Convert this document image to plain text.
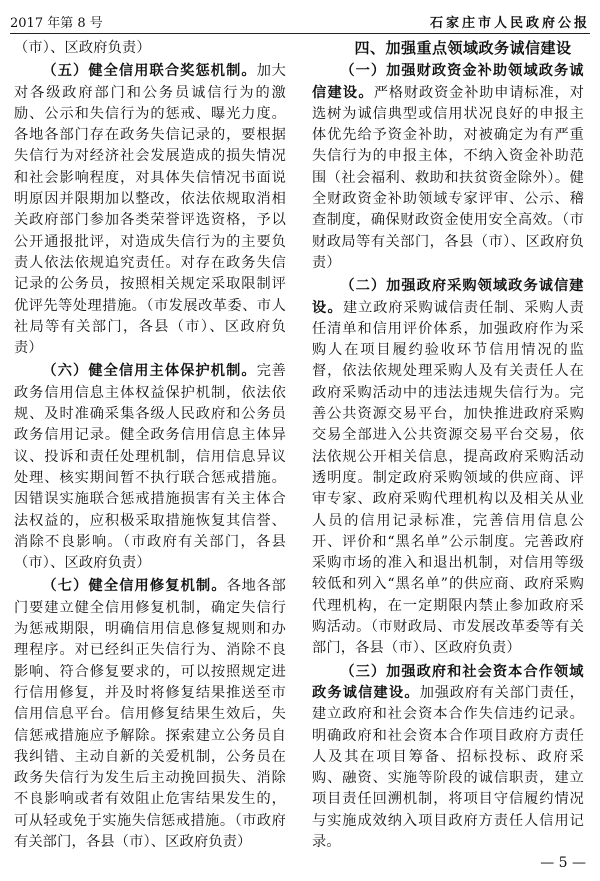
2017 年第 8 号	石家庄市人民政府公报

（市）、区政府负责）

（五）健全信用联合奖惩机制。加大对各级政府部门和公务员诚信行为的激励、公示和失信行为的惩戒、曝光力度。各地各部门存在政务失信记录的，要根据失信行为对经济社会发展造成的损失情况和社会影响程度，对具体失信情况书面说明原因并限期加以整改，依法依规取消相关政府部门参加各类荣誉评选资格，予以公开通报批评，对造成失信行为的主要负责人依法依规追究责任。对存在政务失信记录的公务员，按照相关规定采取限制评优评先等处理措施。（市发展改革委、市人社局等有关部门，各县（市）、区政府负责）

（六）健全信用主体保护机制。完善政务信用信息主体权益保护机制，依法依规、及时准确采集各级人民政府和公务员政务信用记录。健全政务信用信息主体异议、投诉和责任处理机制，信用信息异议处理、核实期间暂不执行联合惩戒措施。因错误实施联合惩戒措施损害有关主体合法权益的，应积极采取措施恢复其信誉、消除不良影响。（市政府有关部门，各县（市）、区政府负责）

（七）健全信用修复机制。各地各部门要建立健全信用修复机制，确定失信行为惩戒期限，明确信用信息修复规则和办理程序。对已经纠正失信行为、消除不良影响、符合修复要求的，可以按照规定进行信用修复，并及时将修复结果推送至市信用信息平台。信用修复结果生效后，失信惩戒措施应予解除。探索建立公务员自我纠错、主动自新的关爱机制，公务员在政务失信行为发生后主动挽回损失、消除不良影响或者有效阻止危害结果发生的，可从轻或免于实施失信惩戒措施。（市政府有关部门，各县（市）、区政府负责）

四、加强重点领域政务诚信建设

（一）加强财政资金补助领域政务诚信建设。严格财政资金补助申请标准，对选树为诚信典型或信用状况良好的申报主体优先给予资金补助，对被确定为有严重失信行为的申报主体，不纳入资金补助范围（社会福利、救助和扶贫资金除外）。健全财政资金补助领域专家评审、公示、稽查制度，确保财政资金使用安全高效。（市财政局等有关部门，各县（市）、区政府负责）

（二）加强政府采购领域政务诚信建设。建立政府采购诚信责任制、采购人责任清单和信用评价体系，加强政府作为采购人在项目履约验收环节信用情况的监督，依法依规处理采购人及有关责任人在政府采购活动中的违法违规失信行为。完善公共资源交易平台，加快推进政府采购交易全部进入公共资源交易平台交易，依法依规公开相关信息，提高政府采购活动透明度。制定政府采购领域的供应商、评审专家、政府采购代理机构以及相关从业人员的信用记录标准，完善信用信息公开、评价和“黑名单”公示制度。完善政府采购市场的准入和退出机制，对信用等级较低和列入“黑名单”的供应商、政府采购代理机构，在一定期限内禁止参加政府采购活动。（市财政局、市发展改革委等有关部门，各县（市）、区政府负责）

（三）加强政府和社会资本合作领域政务诚信建设。加强政府有关部门责任，建立政府和社会资本合作失信违约记录。明确政府和社会资本合作项目政府方责任人及其在项目筹备、招标投标、政府采购、融资、实施等阶段的诚信职责，建立项目责任回溯机制，将项目守信履约情况与实施成效纳入项目政府方责任人信用记录。

— 5 —
